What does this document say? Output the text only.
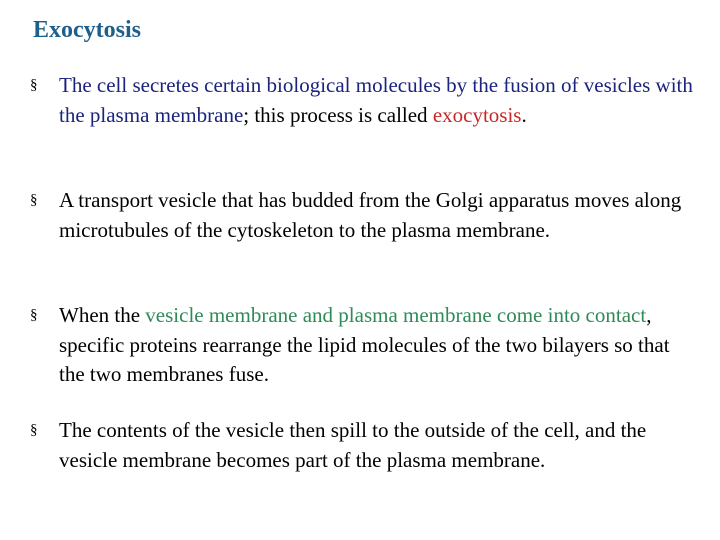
Exocytosis
§ The cell secretes certain biological molecules by the fusion of vesicles with the plasma membrane; this process is called exocytosis.
§ A transport vesicle that has budded from the Golgi apparatus moves along microtubules of the cytoskeleton to the plasma membrane.
§ When the vesicle membrane and plasma membrane come into contact, specific proteins rearrange the lipid molecules of the two bilayers so that the two membranes fuse.
§ The contents of the vesicle then spill to the outside of the cell, and the vesicle membrane becomes part of the plasma membrane.
